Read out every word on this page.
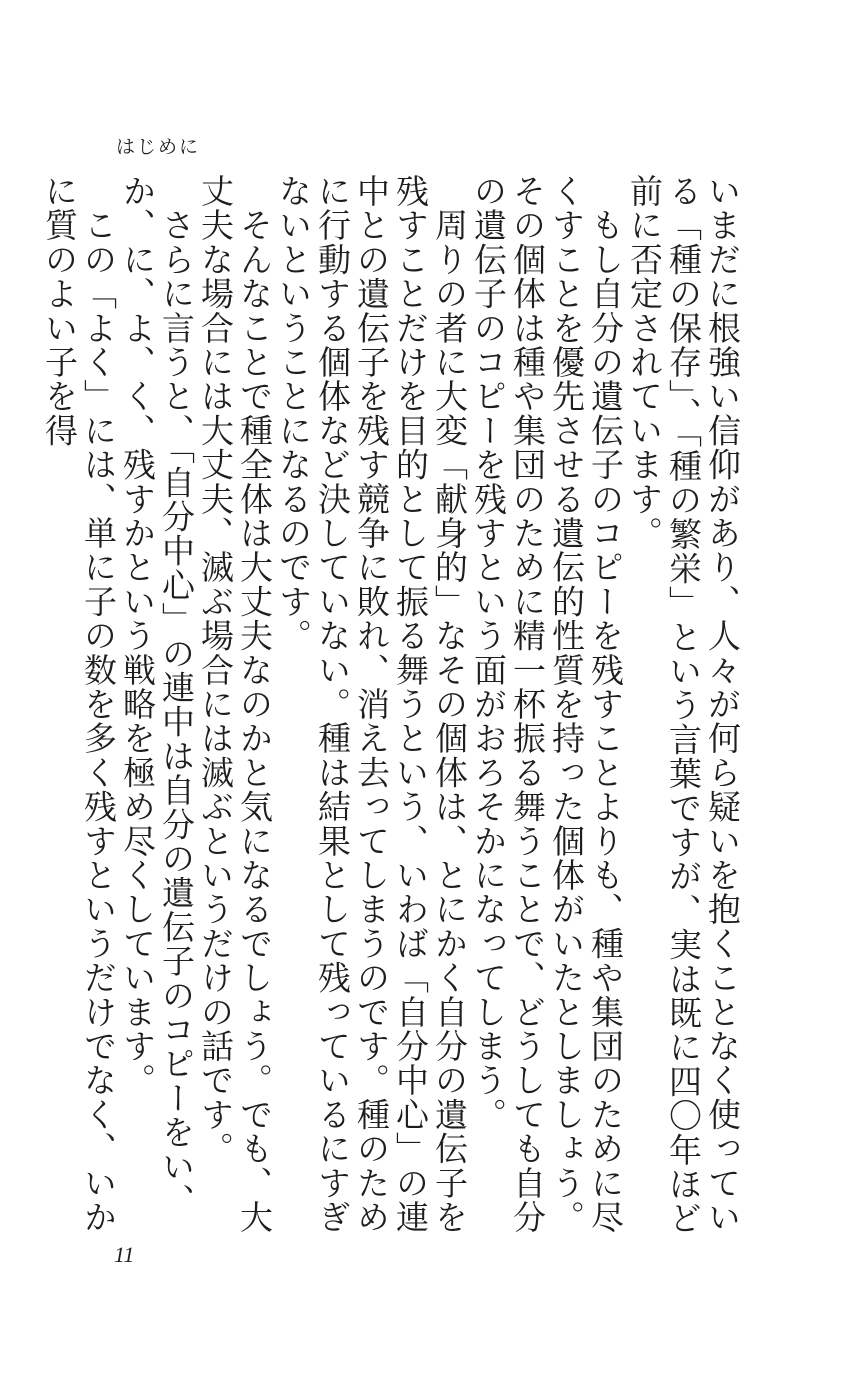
はじめに

いまだに根強い信仰があり、人々が何ら疑いを抱くことなく使っている「種の保存」、「種の繁栄」という言葉ですが、実は既に四〇年ほど前に否定されています。

　もし自分の遺伝子のコピーを残すことよりも、種や集団のために尽くすことを優先させる遺伝的性質を持った個体がいたとしましょう。その個体は種や集団のために精一杯振る舞うことで、どうしても自分の遺伝子のコピーを残すという面がおろそかになってしまう。

　周りの者に大変「献身的」なその個体は、とにかく自分の遺伝子を残すことだけを目的として振る舞うという、いわば「自分中心」の連中との遺伝子を残す競争に敗れ、消え去ってしまうのです。種のために行動する個体など決していない。種は結果として残っているにすぎないということになるのです。

　そんなことで種全体は大丈夫なのかと気になるでしょう。でも、大丈夫な場合には大丈夫、滅ぶ場合には滅ぶというだけの話です。

　さらに言うと、「自分中心」の連中は自分の遺伝子のコピーをい、か、に、よ、く、残すかという戦略を極め尽くしています。

　この「よく」には、単に子の数を多く残すというだけでなく、いかに質のよい子を得

11
